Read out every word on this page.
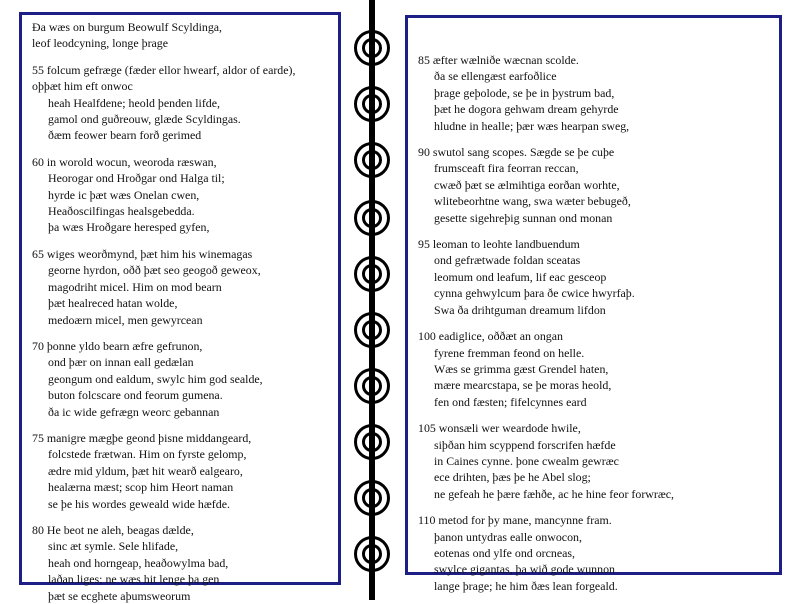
Ða wæs on burgum Beowulf Scyldinga,
leof leodcyning, longe þrage
55 folcum gefræge (fæder ellor hwearf, aldor of earde),
oþþæt him eft onwoc
heah Healfdene; heold þenden lifde,
gamol ond guðreouw, glæde Scyldingas.
ðæm feower bearn forð gerimed
60 in worold wocun, weoroda ræswan,
Heorogar ond Hroðgar ond Halga til;
hyrde ic þæt wæs Onelan cwen,
Heaðoscilfingas healsgebedda.
þa wæs Hroðgare heresped gyfen,
65 wiges weorðmynd, þæt him his winemagas
georne hyrdon, oðð þæt seo geogoð geweox,
magodriht micel. Him on mod bearn
þæt healreced hatan wolde,
medoærn micel, men gewyrcean
70 þonne yldo bearn æfre gefrunon,
ond þær on innan eall gedælan
geongum ond ealdum, swylc him god sealde,
buton folcscare ond feorum gumena.
ða ic wide gefrægn weorc gebannan
75 manigre mægþe geond þisne middangeard,
folcstede frætwan. Him on fyrste gelomp,
ædre mid yldum, þæt hit wearð ealgearo,
healærna mæst; scop him Heort naman
se þe his wordes geweald wide hæfde.
80 He beot ne aleh, beagas dælde,
sinc æt symle. Sele hlifade,
heah ond horngeap, heaðowylma bad,
laðan liges; ne wæs hit lenge þa gen
þæt se ecghete aþumsweorum
85 æfter wælniðe wæcnan scolde.
ða se ellengæst earfoðlice
þrage geþolode, se þe in þystrum bad,
þæt he dogora gehwam dream gehyrde
hludne in healle; þær wæs hearpan sweg,
90 swutol sang scopes. Sægde se þe cuþe
frumsceaft fira feorran reccan,
cwæð þæt se ælmihtiga eorðan worhte,
wlitebeorhtne wang, swa wæter bebugeð,
gesette sigehreþig sunnan ond monan
95 leoman to leohte landbuendum
ond gefrætwade foldan sceatas
leomum ond leafum, lif eac gesceop
cynna gehwylcum þara ðe cwice hwyrfaþ.
Swa ða drihtguman dreamum lifdon
100 eadiglice, oððæt an ongan
fyrene fremman feond on helle.
Wæs se grimma gæst Grendel haten,
mære mearcstapa, se þe moras heold,
fen ond fæsten; fifelcynnes eard
105 wonsæli wer weardode hwile,
siþðan him scyppend forscrifen hæfde
in Caines cynne. þone cwealm gewræc
ece drihten, þæs þe he Abel slog;
ne gefeah he þære fæhðe, ac he hine feor forwræc,
110 metod for þy mane, mancynne fram.
þanon untydras ealle onwocon,
eotenas ond ylfe ond orcneas,
swylce gigantas, þa wið gode wunnon
lange þrage; he him ðæs lean forgeald.
